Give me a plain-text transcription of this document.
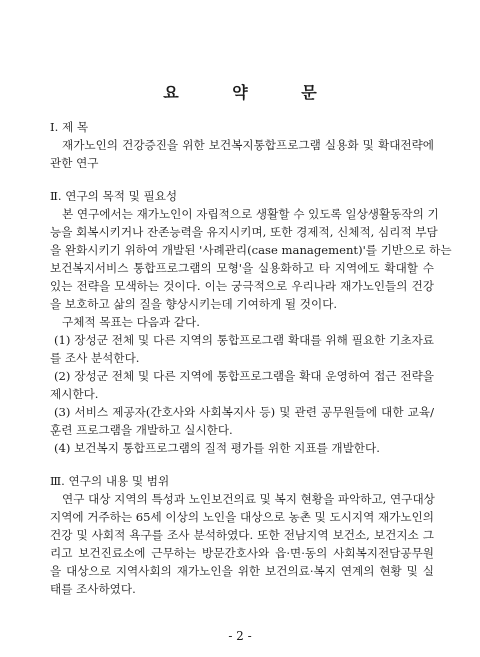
요 약 문

Ⅰ. 제 목

재가노인의 건강증진을 위한 보건복지통합프로그램 실용화 및 확대전략에

관한 연구

Ⅱ. 연구의 목적 및 필요성

본 연구에서는 재가노인이 자립적으로 생활할 수 있도록 일상생활동작의 기

능을 회복시키거나 잔존능력을 유지시키며, 또한 경제적, 신체적, 심리적 부담

을 완화시키기 위하여 개발된 '사례관리(case management)'를 기반으로 하는

보건복지서비스 통합프로그램의 모형'을 실용화하고 타 지역에도 확대할 수

있는 전략을 모색하는 것이다. 이는 궁극적으로 우리나라 재가노인들의 건강

을 보호하고 삶의 질을 향상시키는데 기여하게 될 것이다.

구체적 목표는 다음과 같다.

(1) 장성군 전체 및 다른 지역의 통합프로그램 확대를 위해 필요한 기초자료

를 조사 분석한다.

(2) 장성군 전체 및 다른 지역에 통합프로그램을 확대 운영하여 접근 전략을

제시한다.

(3) 서비스 제공자(간호사와 사회복지사 등) 및 관련 공무원들에 대한 교육/

훈련 프로그램을 개발하고 실시한다.

(4) 보건복지 통합프로그램의 질적 평가를 위한 지표를 개발한다.

Ⅲ. 연구의 내용 및 범위

연구 대상 지역의 특성과 노인보건의료 및 복지 현황을 파악하고, 연구대상

지역에 거주하는 65세 이상의 노인을 대상으로 농촌 및 도시지역 재가노인의

건강 및 사회적 욕구를 조사 분석하였다. 또한 전남지역 보건소, 보건지소 그

리고 보건진료소에 근무하는 방문간호사와 읍·면·동의 사회복지전담공무원

을 대상으로 지역사회의 재가노인을 위한 보건의료·복지 연계의 현황 및 실

태를 조사하였다.

- 2 -
